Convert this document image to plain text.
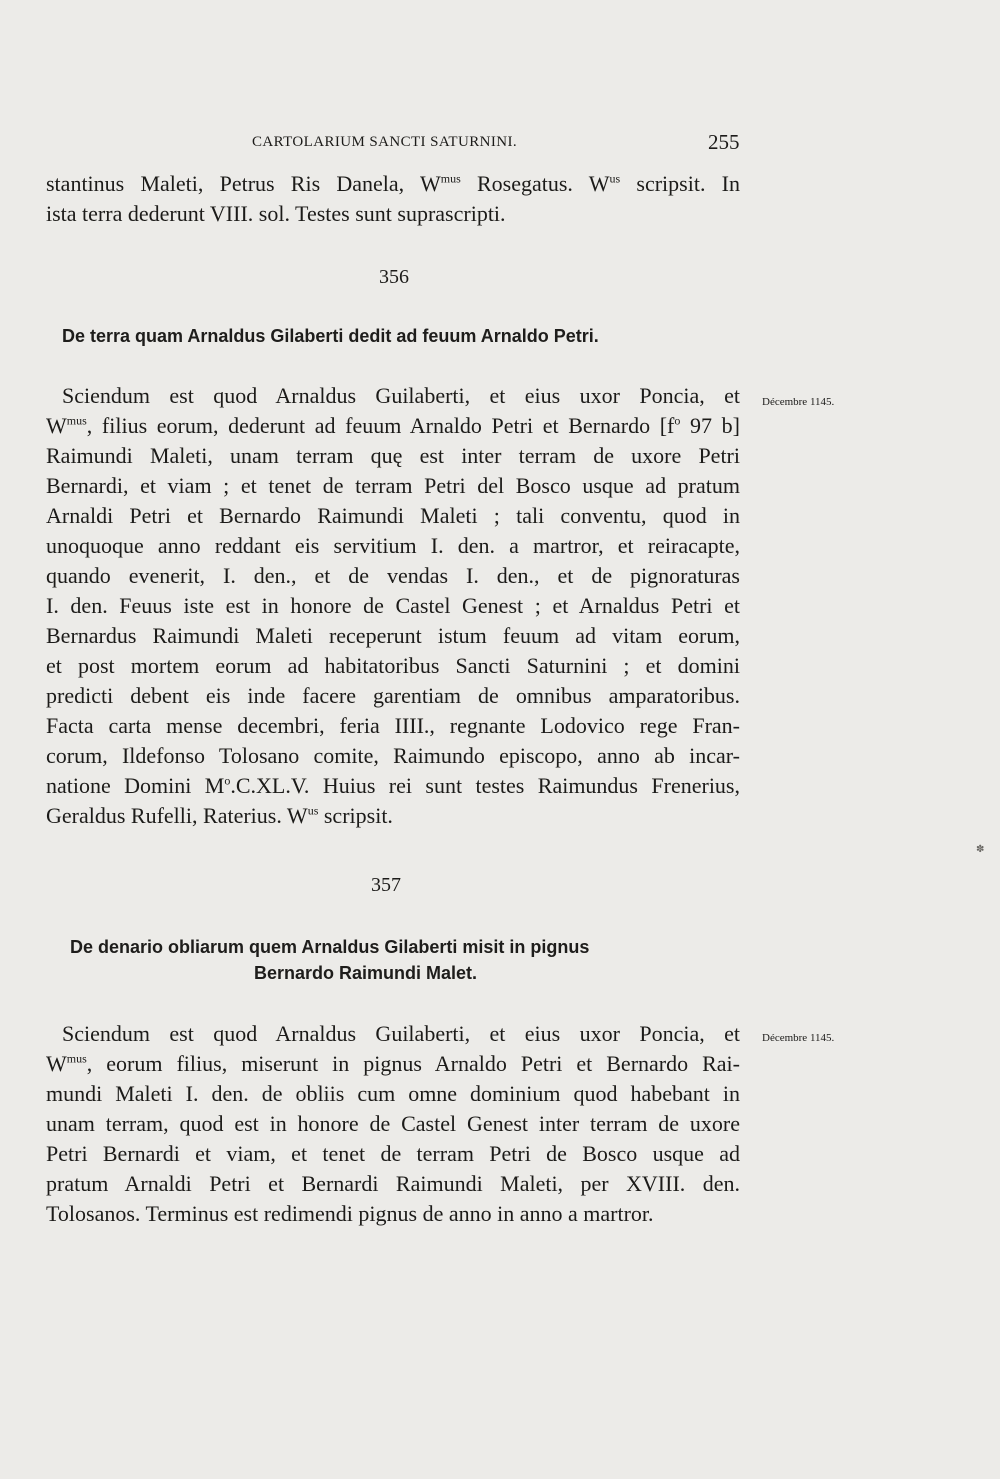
CARTOLARIUM SANCTI SATURNINI.	255
stantinus Maleti, Petrus Ris Danela, $W^{mus}$ Rosegatus. $W^{us}$ scripsit. In
ista terra dederunt VIII. sol. Testes sunt suprascripti.
356
De terra quam Arnaldus Gilaberti dedit ad feuum Arnaldo Petri.
Décembre 1145.
Sciendum est quod Arnaldus Guilaberti, et eius uxor Poncia, et
$W^{mus}$, filius eorum, dederunt ad feuum Arnaldo Petri et Bernardo [$f^o$ 97 b]
Raimundi Maleti, unam terram quę est inter terram de uxore Petri
Bernardi, et viam ; et tenet de terram Petri del Bosco usque ad pratum
Arnaldi Petri et Bernardo Raimundi Maleti ; tali conventu, quod in
unoquoque anno reddant eis servitium I. den. a martror, et reiracapte,
quando evenerit, I. den., et de vendas I. den., et de pignoraturas
I. den. Feuus iste est in honore de Castel Genest ; et Arnaldus Petri et
Bernardus Raimundi Maleti receperunt istum feuum ad vitam eorum,
et post mortem eorum ad habitatoribus Sancti Saturnini ; et domini
predicti debent eis inde facere garentiam de omnibus amparatoribus.
Facta carta mense decembri, feria IIII., regnante Lodovico rege Fran-
corum, Ildefonso Tolosano comite, Raimundo episcopo, anno ab incar-
natione Domini $M^o.C.XL.V$. Huius rei sunt testes Raimundus Frenerius,
Geraldus Rufelli, Raterius. $W^{us}$ scripsit.
357
De denario obliarum quem Arnaldus Gilaberti misit in pignus
Bernardo Raimundi Malet.
Décembre 1145.
Sciendum est quod Arnaldus Guilaberti, et eius uxor Poncia, et
$W^{mus}$, eorum filius, miserunt in pignus Arnaldo Petri et Bernardo Rai-
mundi Maleti I. den. de obliis cum omne dominium quod habebant in
unam terram, quod est in honore de Castel Genest inter terram de uxore
Petri Bernardi et viam, et tenet de terram Petri de Bosco usque ad
pratum Arnaldi Petri et Bernardi Raimundi Maleti, per XVIII. den.
Tolosanos. Terminus est redimendi pignus de anno in anno a martror.
✽
